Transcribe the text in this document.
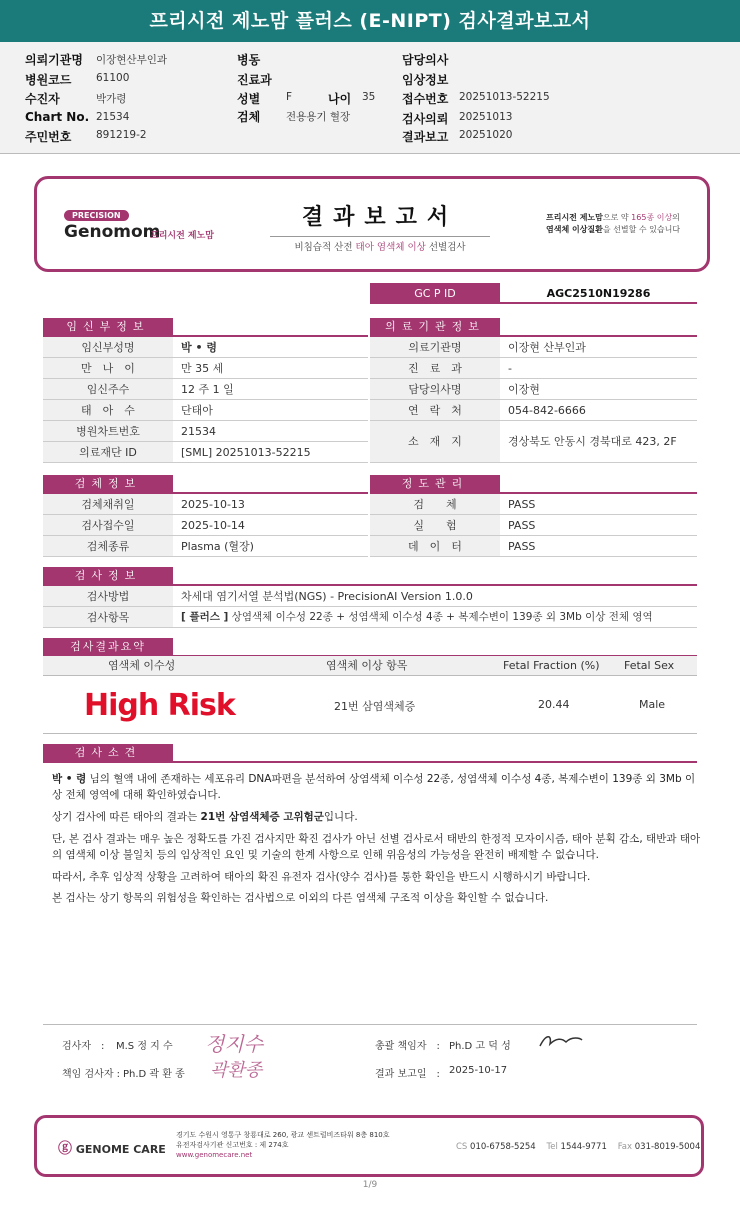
프리시전 제노맘 플러스 (E-NIPT) 검사결과보고서
의뢰기관명 이장현산부인과
병원코드 61100
수진자	박가령
Chart No. 21534
주민번호 891219-2
병동
진료과
성별 F	나이 35
검체 전용용기 혈장
담당의사
임상정보
접수번호 20251013-52215
검사의뢰 20251013
결과보고 20251020
PRECISION
Genomom
프리시전 제노맘
결과보고서
비침습적 산전 태아 염색체 이상 선별검사
프리시전 제노맘으로 약 165종 이상의
염색체 이상질환을 선별할 수 있습니다
GC P ID	AGC2510N19286
임신부정보	의료기관정보
임신부성명	박 • 령
만　나　이	만 35 세
임신주수	12 주 1 일
태　아　수	단태아
병원차트번호	21534
의료재단 ID	[SML] 20251013-52215
의료기관명	이장현 산부인과
진　료　과	-
담당의사명	이장현
연　락　처	054-842-6666
소　재　지	경상북도 안동시 경북대로 423, 2F
검체정보	정도관리
검체채취일	2025-10-13
검사접수일	2025-10-14
검체종류	Plasma (혈장)
검　　체	PASS
실　　험	PASS
데　이　터	PASS
검사정보
검사방법	차세대 염기서열 분석법(NGS) - PrecisionAI Version 1.0.0
검사항목	[ 플러스 ] 상염색체 이수성 22종 + 성염색체 이수성 4종 + 복제수변이 139종 외 3Mb 이상 전체 영역
검사결과요약
염색체 이수성	염색체 이상 항목	Fetal Fraction (%) Fetal Sex
High Risk	21번 삼염색체증	20.44	Male
검사소견
박 • 령 님의 혈액 내에 존재하는 세포유리 DNA파편을 분석하여 상염색체 이수성 22종, 성염색체 이수성 4종, 복제수변이 139종 외 3Mb 이상 전체 영역에 대해 확인하였습니다.
상기 검사에 따른 태아의 결과는 21번 삼염색체증 고위험군입니다.
단, 본 검사 결과는 매우 높은 정확도를 가진 검사지만 확진 검사가 아닌 선별 검사로서 태반의 한정적 모자이시즘, 태아 분획 감소, 태반과 태아의 염색체 이상 불일치 등의 임상적인 요인 및 기술의 한계 사항으로 인해 위음성의 가능성을 완전히 배제할 수 없습니다.
따라서, 추후 임상적 상황을 고려하여 태아의 확진 유전자 검사(양수 검사)를 통한 확인을 반드시 시행하시기 바랍니다.
본 검사는 상기 항목의 위험성을 확인하는 검사법으로 이외의 다른 염색체 구조적 이상을 확인할 수 없습니다.
검사자　: M.S 정 지 수 정지수
책임 검사자 : Ph.D 곽 환 종 곽환종
총괄 책임자　: Ph.D 고 덕 성
결과 보고일　: 2025-10-17
ⓖ GENOME CARE
경기도 수원시 영통구 창룡대로 260, 광교 센트럴비즈타워 8층 810호
유전자검사기관 신고번호 : 제 274호
www.genomecare.net
CS 010-6758-5254 Tel 1544-9771 Fax 031-8019-5004
1/9
